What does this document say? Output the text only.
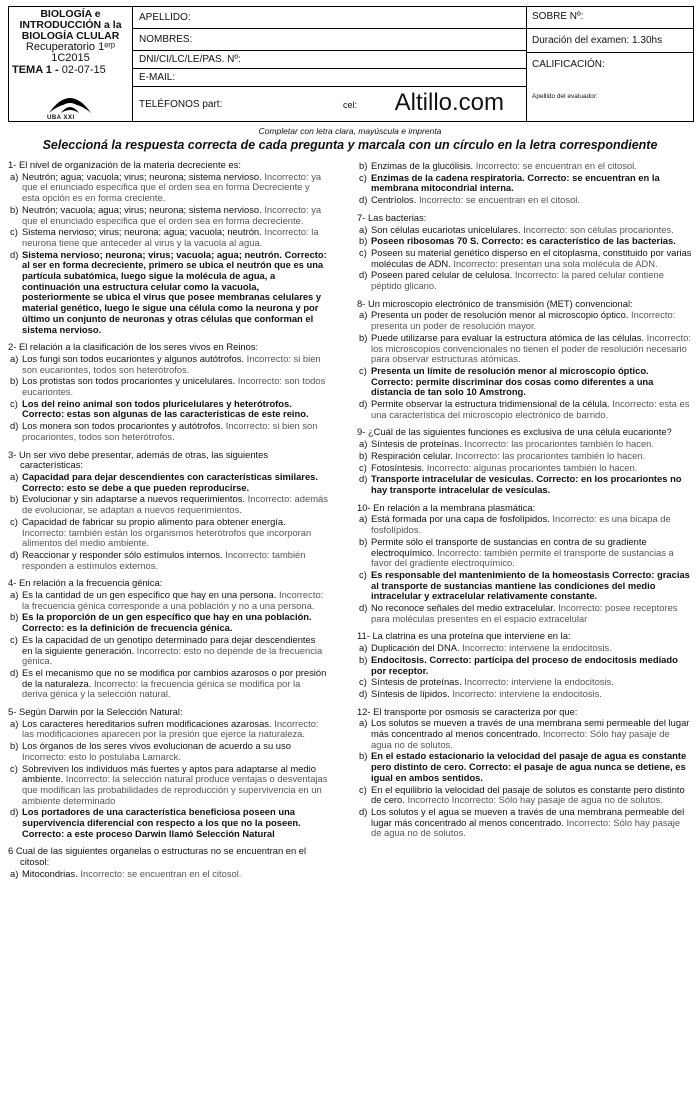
BIOLOGÍA e
INTRODUCCIÓN a la
BIOLOGÍA CLULAR
Recuperatorio 1ᵉʳᵖ
1C2015
TEMA 1 - 02-07-15
UBA XXI
APELLIDO:
NOMBRES:
DNI/CI/LC/LE/PAS. Nº:
E-MAIL:
TELÉFONOS part:	cel: Altillo.com
SOBRE Nº:
Duración del examen: 1.30hs
CALIFICACIÓN:
Apellido del evaluador:
Completar con letra clara, mayúscula e imprenta
Seleccioná la respuesta correcta de cada pregunta y marcala con un círculo en la letra correspondiente
1- El nivel de organización de la materia decreciente es:
a) Neutrón; agua; vacuola; virus; neurona; sistema nervioso. Incorrecto: ya que el enunciado especifica que el orden sea en forma Decreciente y esta opción es en forma creciente.
b) Neutrón; vacuola; agua; virus; neurona; sistema nervioso. Incorrecto: ya que el enunciado especifica que el orden sea en forma decreciente.
c) Sistema nervioso; virus; neurona; agua; vacuola; neutrón. Incorrecto: la neurona tiene que anteceder al virus y la vacuola al agua.
d) Sistema nervioso; neurona; virus; vacuola; agua; neutrón. Correcto: al ser en forma decreciente, primero se ubica el neutrón que es una partícula subatómica, luego sigue la molécula de agua, a continuación una estructura celular como la vacuola, posteriormente se ubica el virus que posee membranas celulares y material genético, luego le sigue una célula como la neurona y por último un conjunto de neuronas y otras células que conforman el sistema nervioso.
2- El relación a la clasificación de los seres vivos en Reinos:
a) Los fungi son todos eucariontes y algunos autótrofos. Incorrecto: si bien son eucariontes, todos son heterótrofos.
b) Los protistas son todos procariontes y unicelulares. Incorrecto: son todos eucariontes.
c) Los del reino animal son todos pluricelulares y heterótrofos. Correcto: estas son algunas de las características de este reino.
d) Los monera son todos procariontes y autótrofos. Incorrecto: si bien son procariontes, todos son heterótrofos.
3- Un ser vivo debe presentar, además de otras, las siguientes características:
a) Capacidad para dejar descendientes con características similares. Correcto: esto se debe a que pueden reproducirse.
b) Evolucionar y sin adaptarse a nuevos requerimientos. Incorrecto: además de evolucionar, se adaptan a nuevos requerimientos.
c) Capacidad de fabricar su propio alimento para obtener energía. Incorrecto: también están los organismos heterótrofos que incorporan alimentos del medio ambiente.
d) Reaccionar y responder sólo estímulos internos. Incorrecto: también responden a estímulos externos.
4- En relación a la frecuencia génica:
a) Es la cantidad de un gen específico que hay en una persona. Incorrecto: la frecuencia génica corresponde a una población y no a una persona.
b) Es la proporción de un gen específico que hay en una población. Correcto: es la definición de frecuencia génica.
c) Es la capacidad de un genotipo determinado para dejar descendientes en la siguiente generación. Incorrecto: esto no depende de la frecuencia génica.
d) Es el mecanismo que no se modifica por cambios azarosos o por presión de la naturaleza. Incorrecto: la frecuencia génica se modifica por la deriva génica y la selección natural.
5- Según Darwin por la Selección Natural:
a) Los caracteres hereditarios sufren modificaciones azarosas. Incorrecto: las modificaciones aparecen por la presión que ejerce la naturaleza.
b) Los órganos de los seres vivos evolucionan de acuerdo a su uso Incorrecto: esto lo postulaba Lamarck.
c) Sobreviven los individuos más fuertes y aptos para adaptarse al medio ambiente. Incorrecto: la selección natural produce ventajas o desventajas que modifican las probabilidades de reproducción y supervivencia en un ambiente determinado
d) Los portadores de una característica beneficiosa poseen una supervivencia diferencial con respecto a los que no la poseen. Correcto: a este proceso Darwin llamó Selección Natural
6 Cual de las siguientes organelas o estructuras no se encuentran en el citosol:
a) Mitocondrias. Incorrecto: se encuentran en el citosol.
b) Enzimas de la glucólisis. Incorrecto: se encuentran en el citosol.
c) Enzimas de la cadena respiratoria. Correcto: se encuentran en la membrana mitocondrial interna.
d) Centríolos. Incorrecto: se encuentran en el citosol.
7- Las bacterias:
a) Son células eucariotas unicelulares. Incorrecto: son células procariontes.
b) Poseen ribosomas 70 S. Correcto: es característico de las bacterias.
c) Poseen su material genético disperso en el citoplasma, constituido por varias moléculas de ADN. Incorrecto: presentan una sola molécula de ADN.
d) Poseen pared celular de celulosa. Incorrecto: la pared celular contiene péptido glicano.
8- Un microscopio electrónico de transmisión (MET) convencional:
a) Presenta un poder de resolución menor al microscopio óptico. Incorrecto: presenta un poder de resolución mayor.
b) Puede utilizarse para evaluar la estructura atómica de las células. Incorrecto: los microscopios convencionales no tienen el poder de resolución necesario para observar estructuras atómicas.
c) Presenta un límite de resolución menor al microscopio óptico. Correcto: permite discriminar dos cosas como diferentes a una distancia de tan solo 10 Amstrong.
d) Permite observar la estructura tridimensional de la célula. Incorrecto: esta es una característica del microscopio electrónico de barrido.
9- ¿Cuál de las siguientes funciones es exclusiva de una célula eucarionte?
a) Síntesis de proteínas. Incorrecto: las procariontes también lo hacen.
b) Respiración celular. Incorrecto: las procariontes también lo hacen.
c) Fotosíntesis. Incorrecto: algunas procariontes también lo hacen.
d) Transporte intracelular de vesículas. Correcto: en los procariontes no hay transporte intracelular de vesículas.
10- En relación a la membrana plasmática:
a) Está formada por una capa de fosfolípidos. Incorrecto: es una bicapa de fosfolípidos.
b) Permite sólo el transporte de sustancias en contra de su gradiente electroquímico. Incorrecto: también permite el transporte de sustancias a favor del gradiente electroquímico.
c) Es responsable del mantenimiento de la homeostasis Correcto: gracias al transporte de sustancias mantiene las condiciones del medio intracelular y extracelular relativamente constante.
d) No reconoce señales del medio extracelular. Incorrecto: posee receptores para moléculas presentes en el espacio extracelular
11- La clatrina es una proteína que interviene en la:
a) Duplicación del DNA. Incorrecto: interviene la endocitosis.
b) Endocitosis. Correcto: participa del proceso de endocitosis mediado por receptor.
c) Síntesis de proteínas. Incorrecto: interviene la endocitosis.
d) Síntesis de lípidos. Incorrecto: interviene la endocitosis.
12- El transporte por osmosis se caracteriza por que:
a) Los solutos se mueven a través de una membrana semi permeable del lugar más concentrado al menos concentrado. Incorrecto: Sólo hay pasaje de agua no de solutos.
b) En el estado estacionario la velocidad del pasaje de agua es constante pero distinto de cero. Correcto: el pasaje de agua nunca se detiene, es igual en ambos sentidos.
c) En el equilibrio la velocidad del pasaje de solutos es constante pero distinto de cero. Incorrecto Incorrecto: Sólo hay pasaje de agua no de solutos.
d) Los solutos y el agua se mueven a través de una membrana permeable del lugar más concentrado al menos concentrado. Incorrecto: Sólo hay pasaje de agua no de solutos.
